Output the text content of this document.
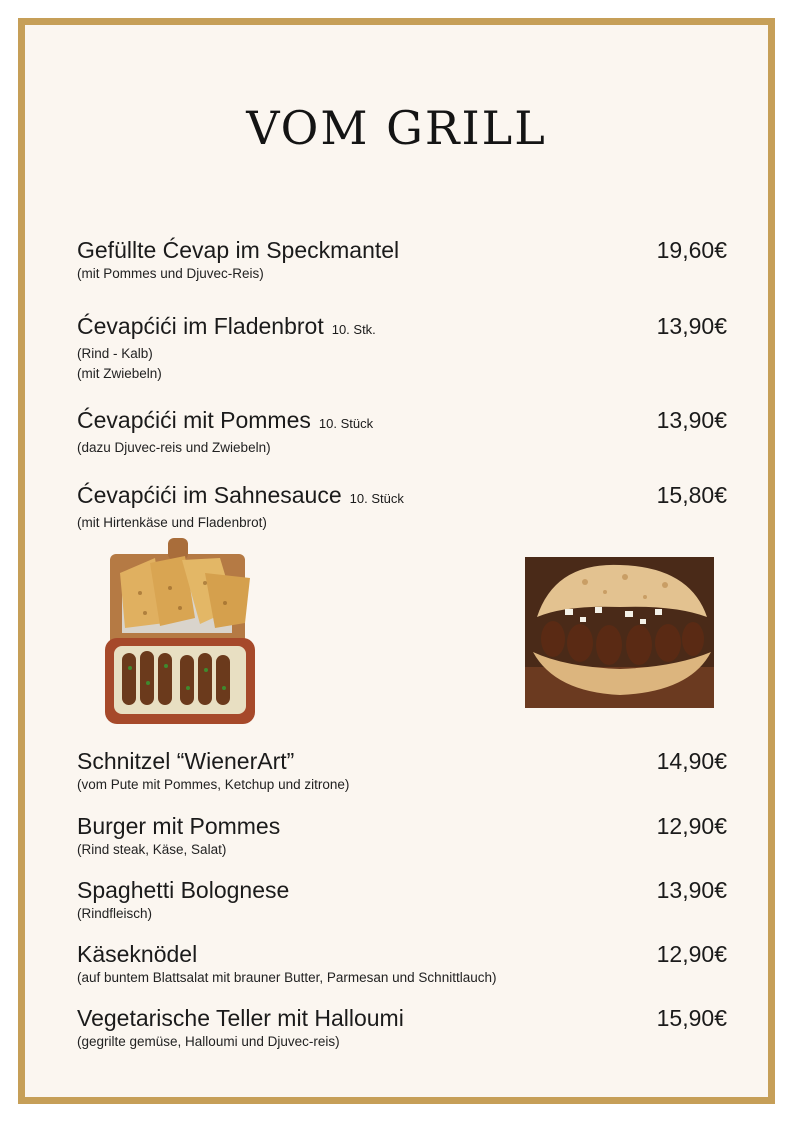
VOM GRILL
Gefüllte Ćevap im Speckmantel
(mit Pommes und Djuvec-Reis)
19,60€
Ćevapćići im Fladenbrot 10. Stk.
(Rind - Kalb)
(mit Zwiebeln)
13,90€
Ćevapćići mit Pommes 10. Stück
(dazu Djuvec-reis und Zwiebeln)
13,90€
Ćevapćići im Sahnesauce 10. Stück
(mit Hirtenkäse und Fladenbrot)
15,80€
Schnitzel “WienerArt”
(vom Pute mit Pommes, Ketchup und zitrone)
14,90€
Burger mit Pommes
(Rind steak, Käse, Salat)
12,90€
Spaghetti Bolognese
(Rindfleisch)
13,90€
Käseknödel
(auf buntem Blattsalat mit brauner Butter, Parmesan und Schnittlauch)
12,90€
Vegetarische Teller mit Halloumi
(gegrilte gemüse, Halloumi und Djuvec-reis)
15,90€
